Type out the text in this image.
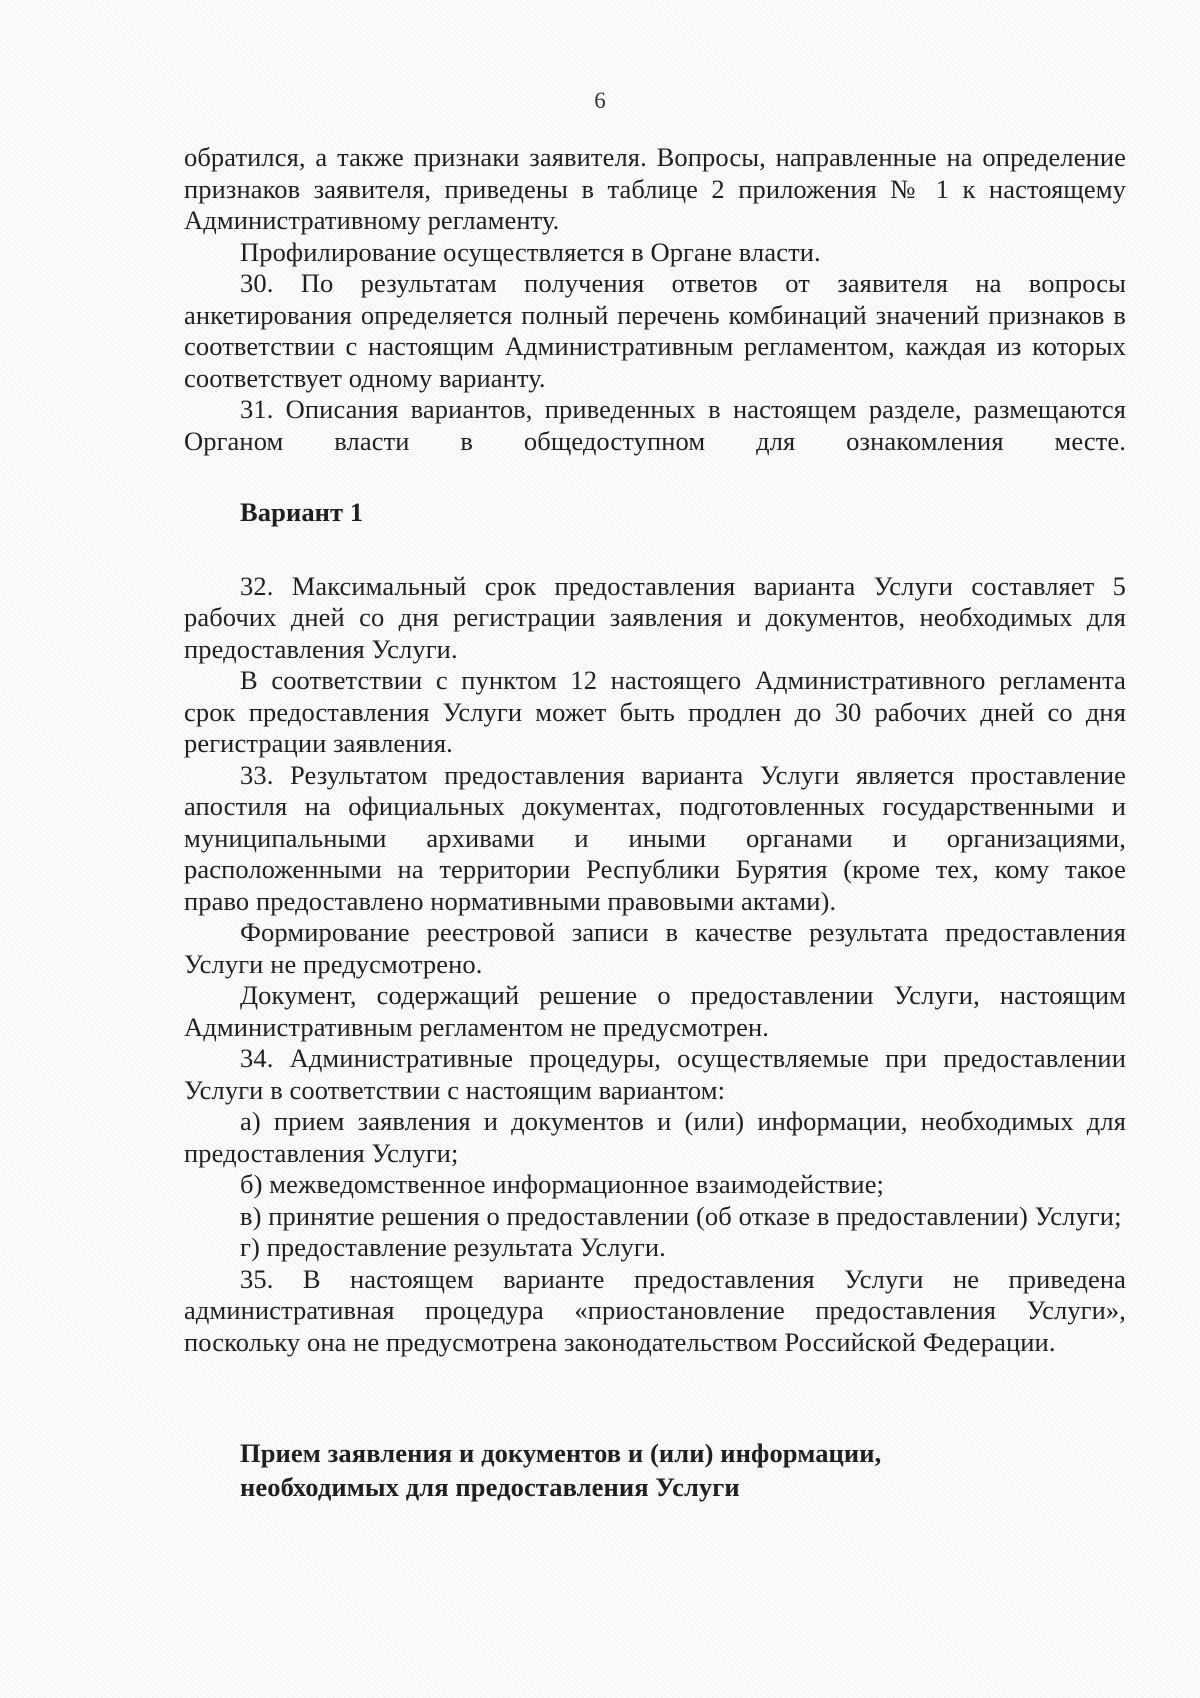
6

обратился, а также признаки заявителя. Вопросы, направленные на определение признаков заявителя, приведены в таблице 2 приложения № 1 к настоящему Административному регламенту.

Профилирование осуществляется в Органе власти.

30. По результатам получения ответов от заявителя на вопросы анкетирования определяется полный перечень комбинаций значений признаков в соответствии с настоящим Административным регламентом, каждая из которых соответствует одному варианту.

31. Описания вариантов, приведенных в настоящем разделе, размещаются Органом власти в общедоступном для ознакомления месте.

Вариант 1

32. Максимальный срок предоставления варианта Услуги составляет 5 рабочих дней со дня регистрации заявления и документов, необходимых для предоставления Услуги.

В соответствии с пунктом 12 настоящего Административного регламента срок предоставления Услуги может быть продлен до 30 рабочих дней со дня регистрации заявления.

33. Результатом предоставления варианта Услуги является проставление апостиля на официальных документах, подготовленных государственными и муниципальными архивами и иными органами и организациями, расположенными на территории Республики Бурятия (кроме тех, кому такое право предоставлено нормативными правовыми актами).

Формирование реестровой записи в качестве результата предоставления Услуги не предусмотрено.

Документ, содержащий решение о предоставлении Услуги, настоящим Административным регламентом не предусмотрен.

34. Административные процедуры, осуществляемые при предоставлении Услуги в соответствии с настоящим вариантом:

а) прием заявления и документов и (или) информации, необходимых для предоставления Услуги;

б) межведомственное информационное взаимодействие;

в) принятие решения о предоставлении (об отказе в предоставлении) Услуги;

г) предоставление результата Услуги.

35. В настоящем варианте предоставления Услуги не приведена административная процедура «приостановление предоставления Услуги», поскольку она не предусмотрена законодательством Российской Федерации.

Прием заявления и документов и (или) информации,
необходимых для предоставления Услуги
